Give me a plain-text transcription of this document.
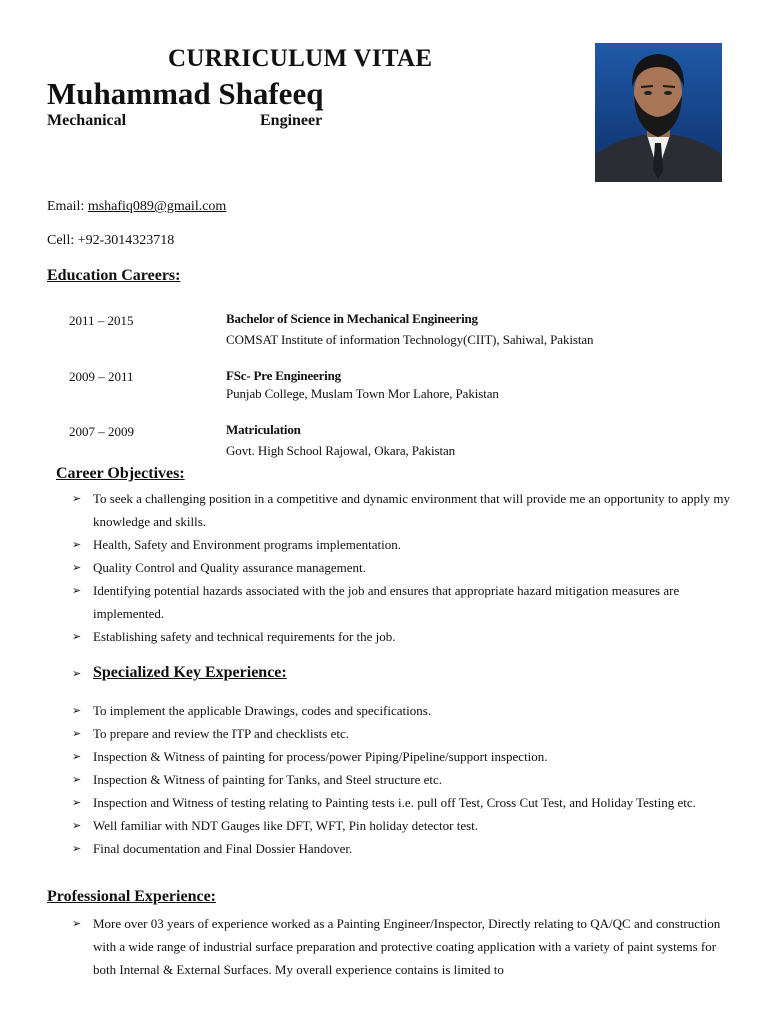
CURRICULUM VITAE
Muhammad Shafeeq
Mechanical	Engineer
Email: mshafiq089@gmail.com
Cell: +92-3014323718
Education Careers:
2011 – 2015	Bachelor of Science in Mechanical Engineering
COMSAT Institute of information Technology(CIIT), Sahiwal, Pakistan
2009 – 2011	FSc- Pre Engineering
Punjab College, Muslam Town Mor Lahore, Pakistan
2007 – 2009	Matriculation
Govt. High School Rajowal, Okara, Pakistan
Career Objectives:
➢ To seek a challenging position in a competitive and dynamic environment that will provide me an opportunity to apply my knowledge and skills.
➢ Health, Safety and Environment programs implementation.
➢ Quality Control and Quality assurance management.
➢ Identifying potential hazards associated with the job and ensures that appropriate hazard mitigation measures are implemented.
➢ Establishing safety and technical requirements for the job.
➢ Specialized Key Experience:
➢ To implement the applicable Drawings, codes and specifications.
➢ To prepare and review the ITP and checklists etc.
➢ Inspection & Witness of painting for process/power Piping/Pipeline/support inspection.
➢ Inspection & Witness of painting for Tanks, and Steel structure etc.
➢ Inspection and Witness of testing relating to Painting tests i.e. pull off Test, Cross Cut Test, and Holiday Testing etc.
➢ Well familiar with NDT Gauges like DFT, WFT, Pin holiday detector test.
➢ Final documentation and Final Dossier Handover.
Professional Experience:
➢ More over 03 years of experience worked as a Painting Engineer/Inspector, Directly relating to QA/QC and construction with a wide range of industrial surface preparation and protective coating application with a variety of paint systems for both Internal & External Surfaces. My overall experience contains is limited to
